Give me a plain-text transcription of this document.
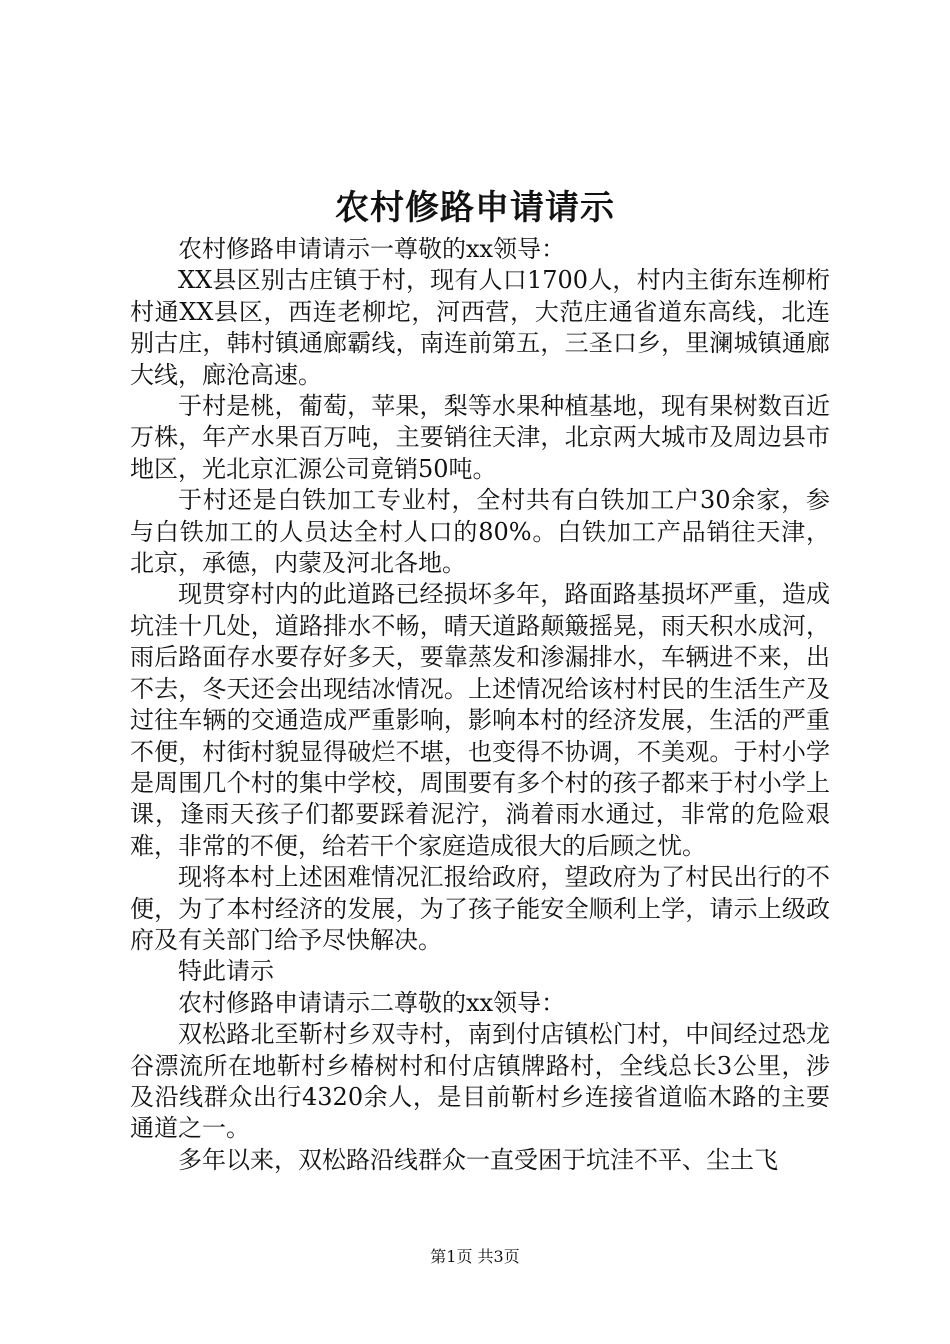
农村修路申请请示

农村修路申请请示一尊敬的xx领导：

XX县区别古庄镇于村，现有人口1700人，村内主街东连柳桁村通XX县区，西连老柳坨，河西营，大范庄通省道东高线，北连别古庄，韩村镇通廊霸线，南连前第五，三圣口乡，里澜城镇通廊大线，廊沧高速。

于村是桃，葡萄，苹果，梨等水果种植基地，现有果树数百近万株，年产水果百万吨，主要销往天津，北京两大城市及周边县市地区，光北京汇源公司竟销50吨。

于村还是白铁加工专业村，全村共有白铁加工户30余家，参与白铁加工的人员达全村人口的80%。白铁加工产品销往天津，北京，承德，内蒙及河北各地。

现贯穿村内的此道路已经损坏多年，路面路基损坏严重，造成坑洼十几处，道路排水不畅，晴天道路颠簸摇晃，雨天积水成河，雨后路面存水要存好多天，要靠蒸发和渗漏排水，车辆进不来，出不去，冬天还会出现结冰情况。上述情况给该村村民的生活生产及过往车辆的交通造成严重影响，影响本村的经济发展，生活的严重不便，村街村貌显得破烂不堪，也变得不协调，不美观。于村小学是周围几个村的集中学校，周围要有多个村的孩子都来于村小学上课，逢雨天孩子们都要踩着泥泞，淌着雨水通过，非常的危险艰难，非常的不便，给若干个家庭造成很大的后顾之忧。

现将本村上述困难情况汇报给政府，望政府为了村民出行的不便，为了本村经济的发展，为了孩子能安全顺利上学，请示上级政府及有关部门给予尽快解决。

特此请示

农村修路申请请示二尊敬的xx领导：

双松路北至靳村乡双寺村，南到付店镇松门村，中间经过恐龙谷漂流所在地靳村乡椿树村和付店镇牌路村，全线总长3公里，涉及沿线群众出行4320余人，是目前靳村乡连接省道临木路的主要通道之一。

多年以来，双松路沿线群众一直受困于坑洼不平、尘土飞

第1页 共3页
